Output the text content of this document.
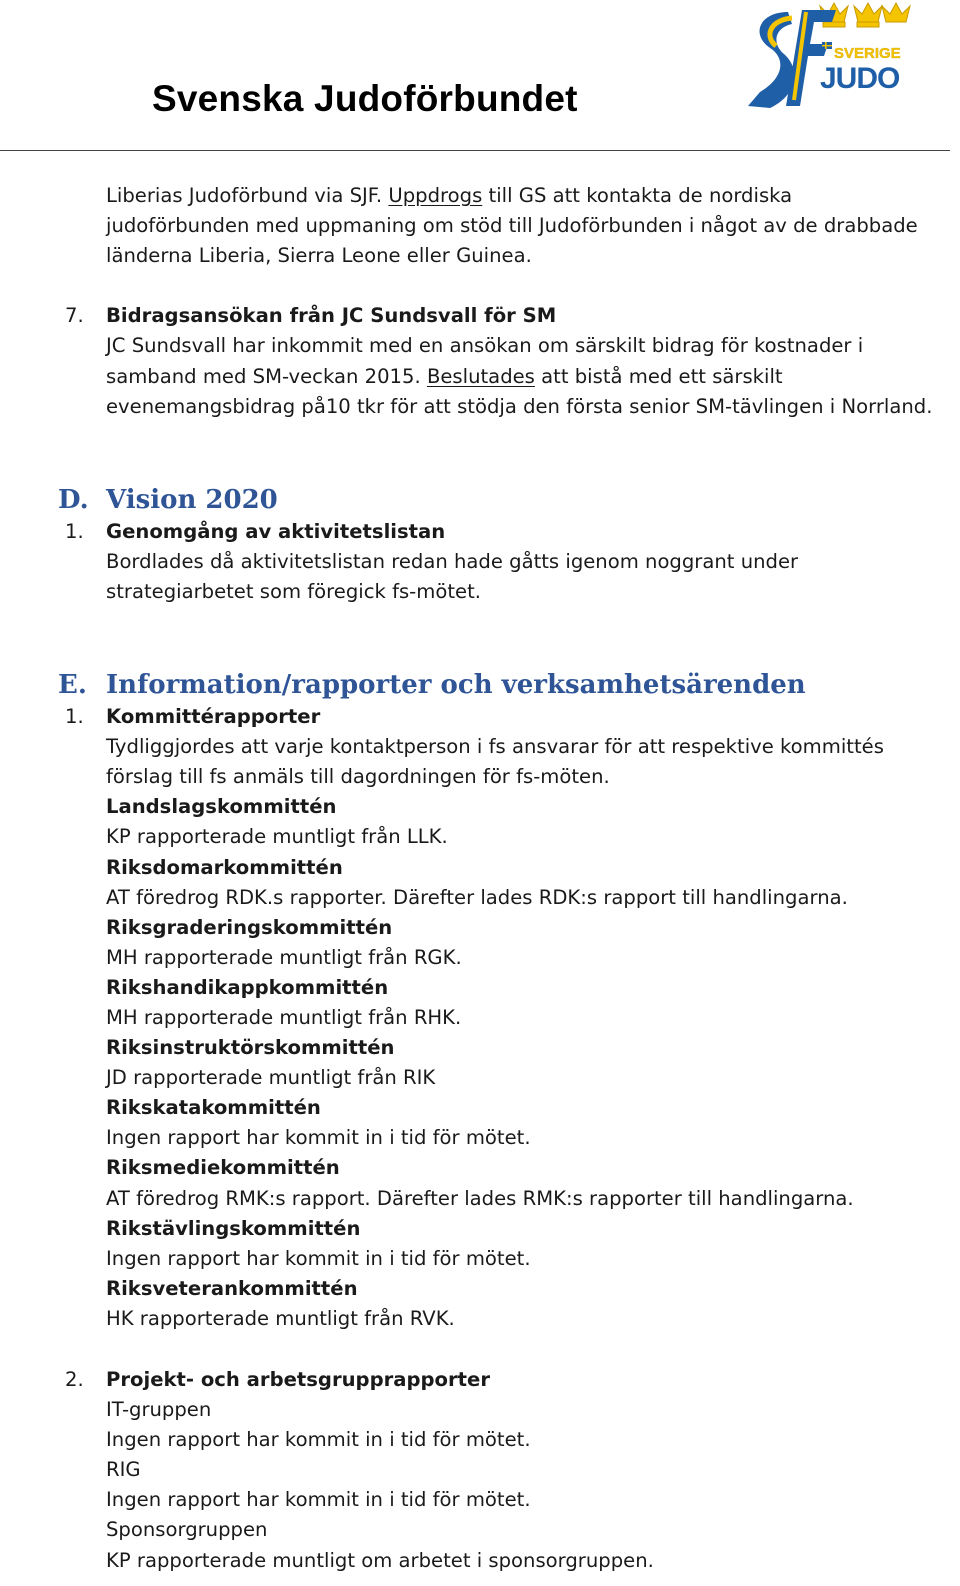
Svenska Judoförbundet
SVERIGE
JUDO
Liberias Judoförbund via SJF. Uppdrogs till GS att kontakta de nordiska
judoförbunden med uppmaning om stöd till Judoförbunden i något av de drabbade
länderna Liberia, Sierra Leone eller Guinea.
7. Bidragsansökan från JC Sundsvall för SM
JC Sundsvall har inkommit med en ansökan om särskilt bidrag för kostnader i
samband med SM-veckan 2015. Beslutades att bistå med ett särskilt
evenemangsbidrag på10 tkr för att stödja den första senior SM-tävlingen i Norrland.
D. Vision 2020
1. Genomgång av aktivitetslistan
Bordlades då aktivitetslistan redan hade gåtts igenom noggrant under
strategiarbetet som föregick fs-mötet.
E. Information/rapporter och verksamhetsärenden
1. Kommittérapporter
Tydliggjordes att varje kontaktperson i fs ansvarar för att respektive kommittés
förslag till fs anmäls till dagordningen för fs-möten.
Landslagskommittén
KP rapporterade muntligt från LLK.
Riksdomarkommittén
AT föredrog RDK.s rapporter. Därefter lades RDK:s rapport till handlingarna.
Riksgraderingskommittén
MH rapporterade muntligt från RGK.
Rikshandikappkommittén
MH rapporterade muntligt från RHK.
Riksinstruktörskommittén
JD rapporterade muntligt från RIK
Rikskatakommittén
Ingen rapport har kommit in i tid för mötet.
Riksmediekommittén
AT föredrog RMK:s rapport. Därefter lades RMK:s rapporter till handlingarna.
Rikstävlingskommittén
Ingen rapport har kommit in i tid för mötet.
Riksveterankommittén
HK rapporterade muntligt från RVK.
2. Projekt- och arbetsgrupprapporter
IT-gruppen
Ingen rapport har kommit in i tid för mötet.
RIG
Ingen rapport har kommit in i tid för mötet.
Sponsorgruppen
KP rapporterade muntligt om arbetet i sponsorgruppen.
